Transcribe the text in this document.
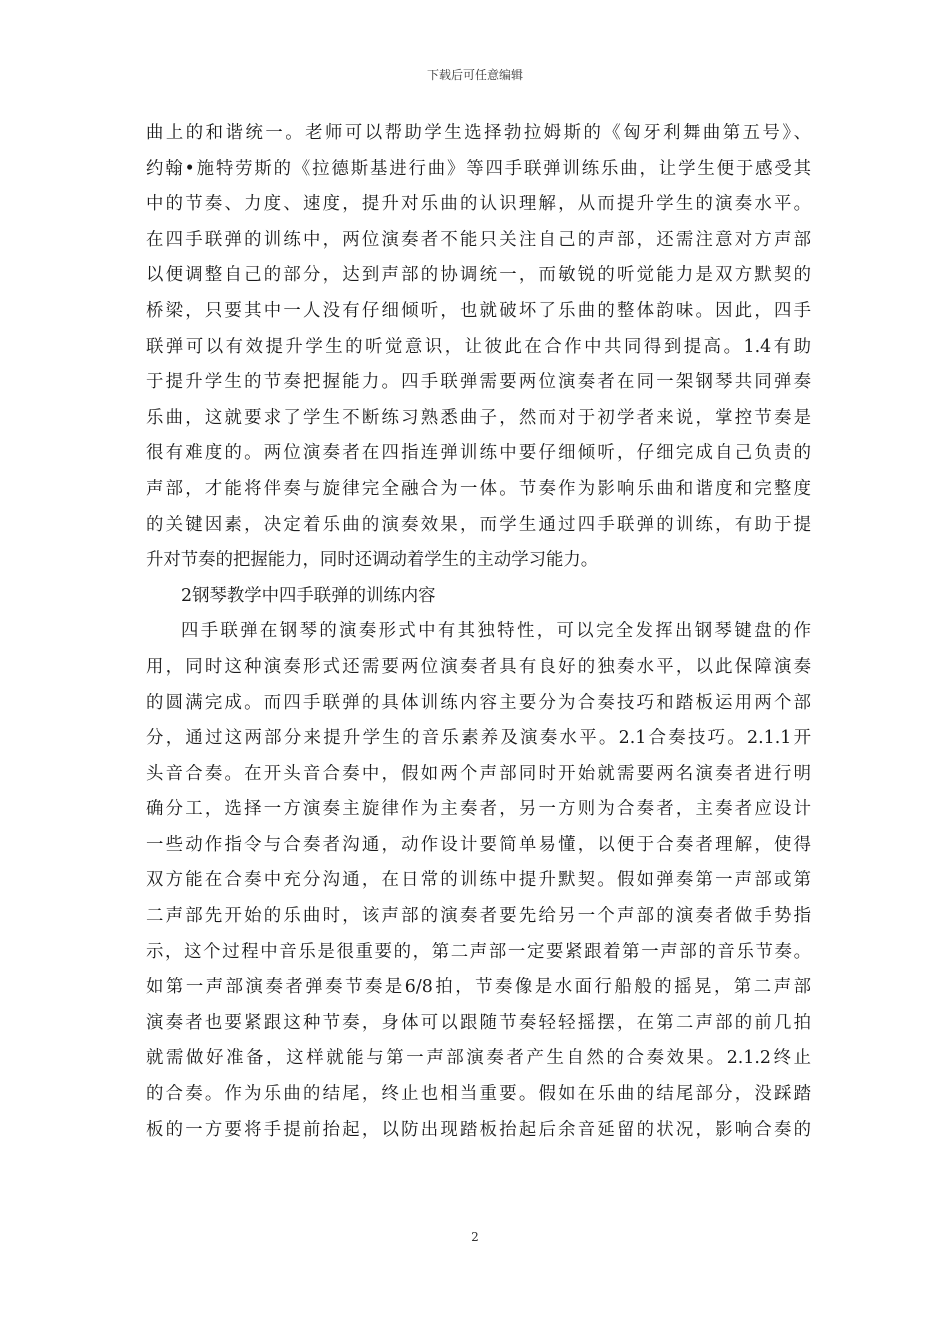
下载后可任意编辑
曲上的和谐统一。老师可以帮助学生选择勃拉姆斯的《匈牙利舞曲第五号》、
约翰•施特劳斯的《拉德斯基进行曲》等四手联弹训练乐曲，让学生便于感受其
中的节奏、力度、速度，提升对乐曲的认识理解，从而提升学生的演奏水平。
在四手联弹的训练中，两位演奏者不能只关注自己的声部，还需注意对方声部
以便调整自己的部分，达到声部的协调统一，而敏锐的听觉能力是双方默契的
桥梁，只要其中一人没有仔细倾听，也就破坏了乐曲的整体韵味。因此，四手
联弹可以有效提升学生的听觉意识，让彼此在合作中共同得到提高。1.4有助
于提升学生的节奏把握能力。四手联弹需要两位演奏者在同一架钢琴共同弹奏
乐曲，这就要求了学生不断练习熟悉曲子，然而对于初学者来说，掌控节奏是
很有难度的。两位演奏者在四指连弹训练中要仔细倾听，仔细完成自己负责的
声部，才能将伴奏与旋律完全融合为一体。节奏作为影响乐曲和谐度和完整度
的关键因素，决定着乐曲的演奏效果，而学生通过四手联弹的训练，有助于提
升对节奏的把握能力，同时还调动着学生的主动学习能力。
2钢琴教学中四手联弹的训练内容
四手联弹在钢琴的演奏形式中有其独特性，可以完全发挥出钢琴键盘的作
用，同时这种演奏形式还需要两位演奏者具有良好的独奏水平，以此保障演奏
的圆满完成。而四手联弹的具体训练内容主要分为合奏技巧和踏板运用两个部
分，通过这两部分来提升学生的音乐素养及演奏水平。2.1合奏技巧。2.1.1开
头音合奏。在开头音合奏中，假如两个声部同时开始就需要两名演奏者进行明
确分工，选择一方演奏主旋律作为主奏者，另一方则为合奏者，主奏者应设计
一些动作指令与合奏者沟通，动作设计要简单易懂，以便于合奏者理解，使得
双方能在合奏中充分沟通，在日常的训练中提升默契。假如弹奏第一声部或第
二声部先开始的乐曲时，该声部的演奏者要先给另一个声部的演奏者做手势指
示，这个过程中音乐是很重要的，第二声部一定要紧跟着第一声部的音乐节奏。
如第一声部演奏者弹奏节奏是6/8拍，节奏像是水面行船般的摇晃，第二声部
演奏者也要紧跟这种节奏，身体可以跟随节奏轻轻摇摆，在第二声部的前几拍
就需做好准备，这样就能与第一声部演奏者产生自然的合奏效果。2.1.2终止
的合奏。作为乐曲的结尾，终止也相当重要。假如在乐曲的结尾部分，没踩踏
板的一方要将手提前抬起，以防出现踏板抬起后余音延留的状况，影响合奏的
2
